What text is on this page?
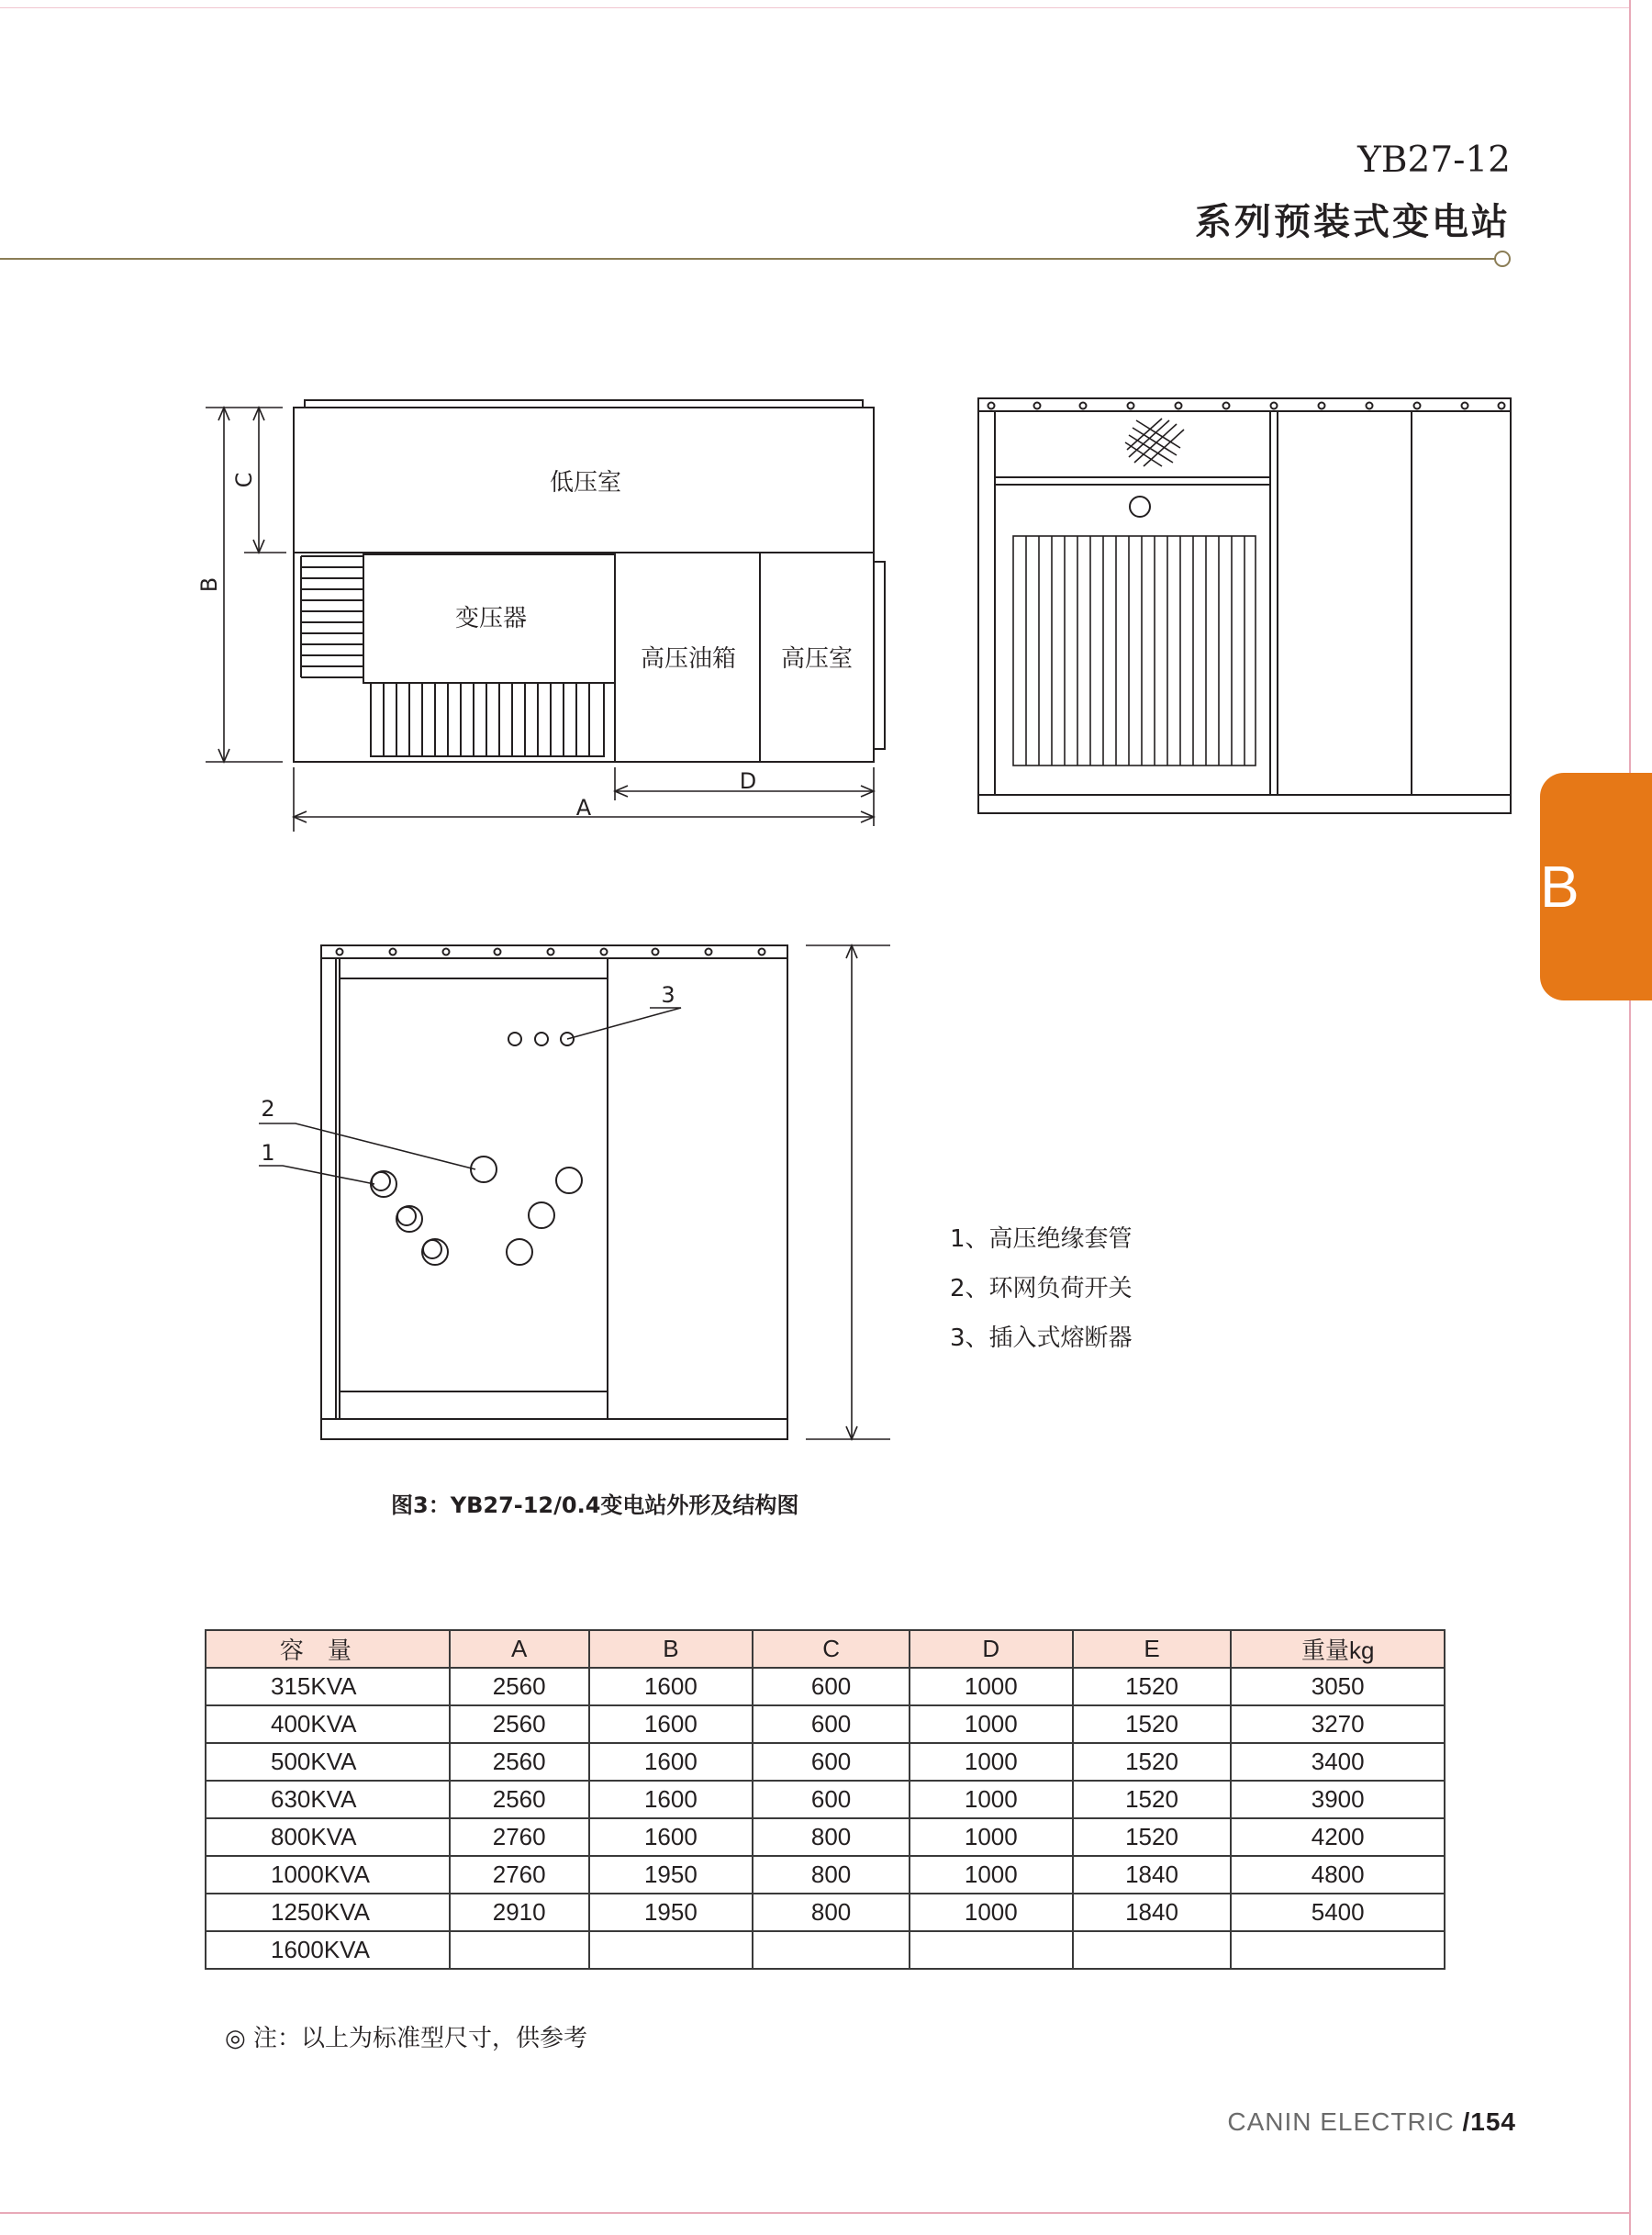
YB27-12
系列预装式变电站
B
低压室
变压器
高压油箱 高压室
B
C
A
D
3
2
1
1、高压绝缘套管
2、环网负荷开关
3、插入式熔断器
图3：YB27-12/0.4变电站外形及结构图
容量	A	B	C	D	E	重量kg
315KVA	2560	1600	600	1000	1520	3050
400KVA	2560	1600	600	1000	1520	3270
500KVA	2560	1600	600	1000	1520	3400
630KVA	2560	1600	600	1000	1520	3900
800KVA	2760	1600	800	1000	1520	4200
1000KVA	2760	1950	800	1000	1840	4800
1250KVA	2910	1950	800	1000	1840	5400
1600KVA						
◎ 注：以上为标准型尺寸，供参考
CANIN ELECTRIC /154
